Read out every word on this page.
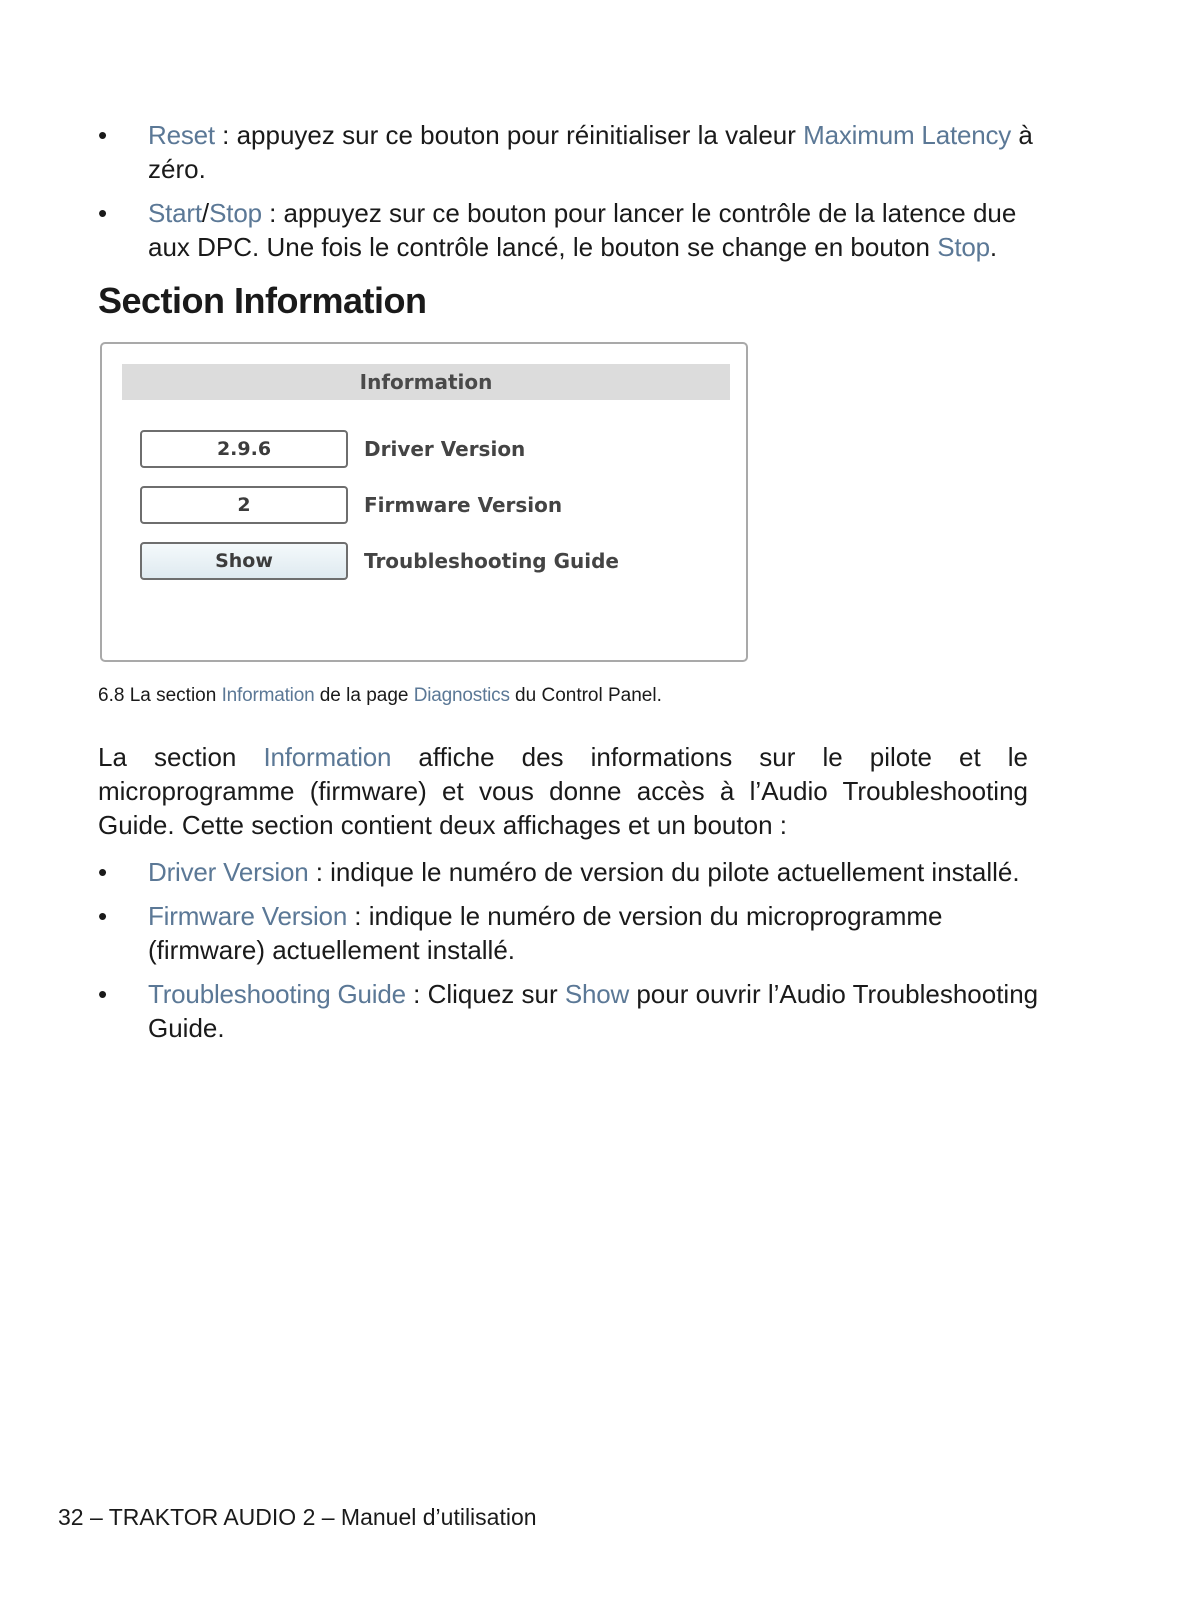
•	Reset : appuyez sur ce bouton pour réinitialiser la valeur Maximum Latency à zéro.
•	Start/Stop : appuyez sur ce bouton pour lancer le contrôle de la latence due aux DPC. Une fois le contrôle lancé, le bouton se change en bouton Stop.
Section Information
Information
2.9.6	Driver Version
2	Firmware Version
Show	Troubleshooting Guide
6.8 La section Information de la page Diagnostics du Control Panel.

La section Information affiche des informations sur le pilote et le microprogramme (firmware) et vous donne accès à l’Audio Troubleshooting Guide. Cette section contient deux affichages et un bouton :

•	Driver Version : indique le numéro de version du pilote actuellement installé.
•	Firmware Version : indique le numéro de version du microprogramme (firmware) actuellement installé.
•	Troubleshooting Guide : Cliquez sur Show pour ouvrir l’Audio Troubleshooting Guide.
32 – TRAKTOR AUDIO 2 – Manuel d’utilisation
